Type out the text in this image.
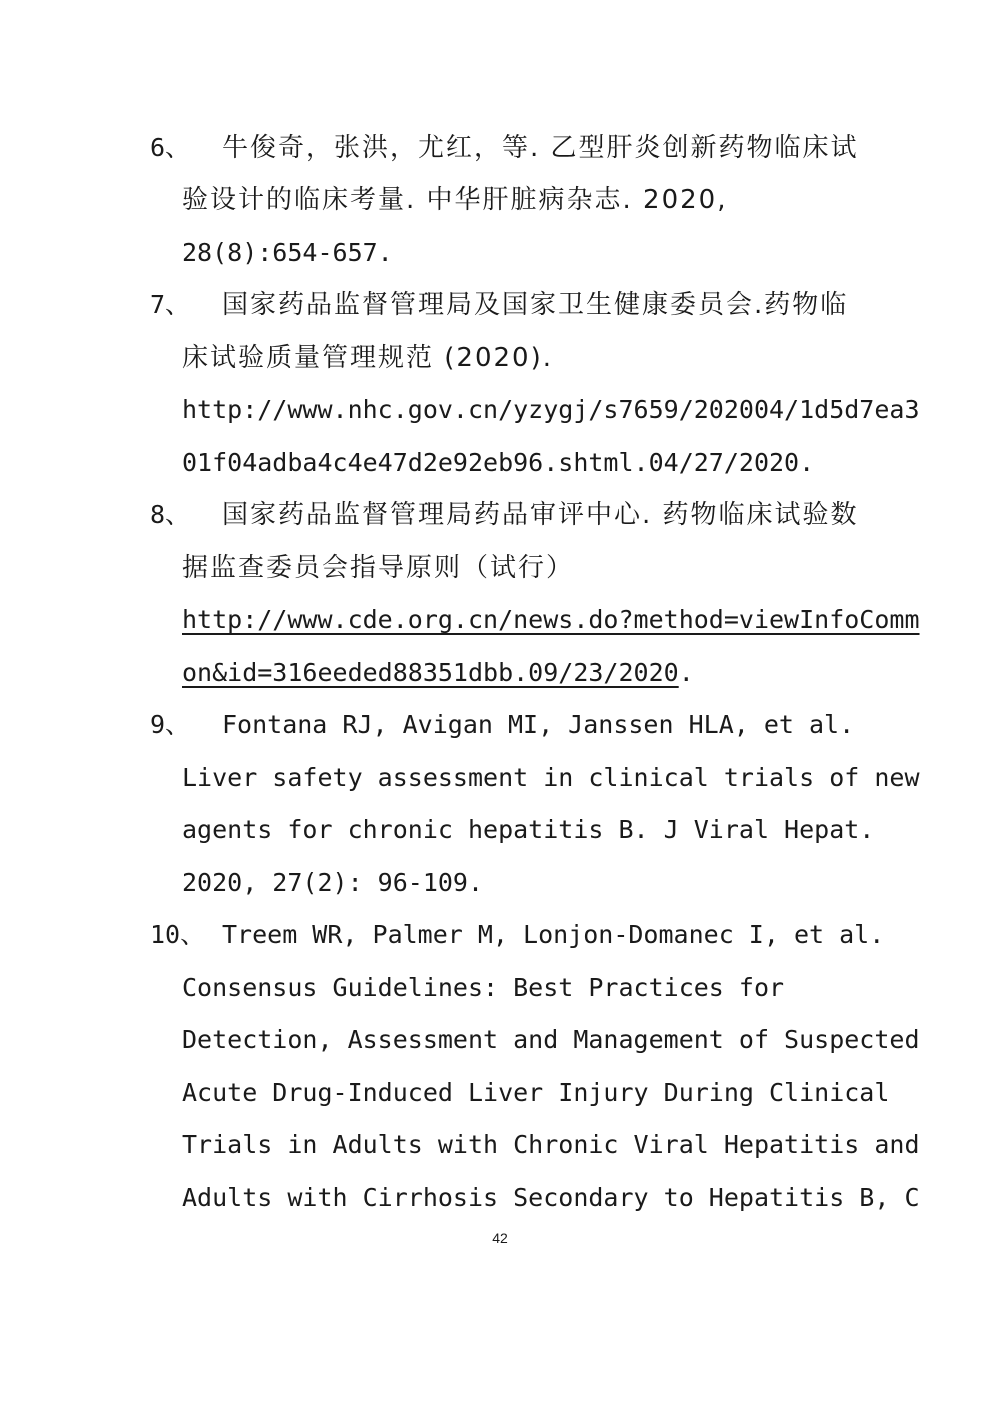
6、 牛俊奇，张洪，尤红，等. 乙型肝炎创新药物临床试
验设计的临床考量. 中华肝脏病杂志. 2020,
28(8):654-657.
7、 国家药品监督管理局及国家卫生健康委员会.药物临
床试验质量管理规范 (2020).
http://www.nhc.gov.cn/yzygj/s7659/202004/1d5d7ea3
01f04adba4c4e47d2e92eb96.shtml.04/27/2020.
8、 国家药品监督管理局药品审评中心. 药物临床试验数
据监查委员会指导原则（试行）
http://www.cde.org.cn/news.do?method=viewInfoComm
on&id=316eeded88351dbb.09/23/2020.
9、 Fontana RJ, Avigan MI, Janssen HLA, et al.
Liver safety assessment in clinical trials of new
agents for chronic hepatitis B. J Viral Hepat.
2020, 27(2): 96-109.
10、 Treem WR, Palmer M, Lonjon-Domanec I, et al.
Consensus Guidelines: Best Practices for
Detection, Assessment and Management of Suspected
Acute Drug-Induced Liver Injury During Clinical
Trials in Adults with Chronic Viral Hepatitis and
Adults with Cirrhosis Secondary to Hepatitis B, C
42
